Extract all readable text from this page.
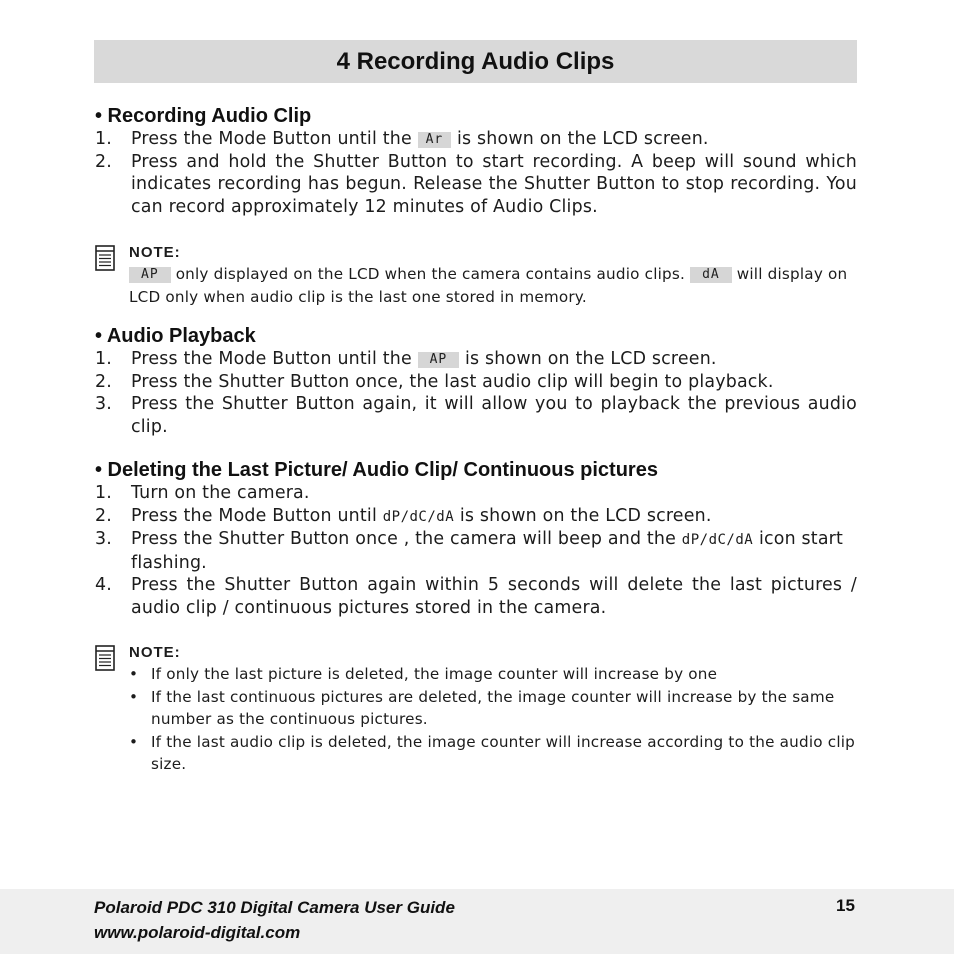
4 Recording Audio Clips
• Recording Audio Clip
1.	Press the Mode Button until the Ar is shown on the LCD screen.
2.	Press and hold the Shutter Button to start recording. A beep will sound which indicates recording has begun. Release the Shutter Button to stop recording. You can record approximately 12 minutes of Audio Clips.
NOTE:
AP only displayed on the LCD when the camera contains audio clips. dA will display on LCD only when audio clip is the last one stored in memory.
• Audio Playback
1.	Press the Mode Button until the AP is shown on the LCD screen.
2.	Press the Shutter Button once, the last audio clip will begin to playback.
3.	Press the Shutter Button again, it will allow you to playback the previous audio clip.
• Deleting the Last Picture/ Audio Clip/ Continuous pictures
1.	Turn on the camera.
2.	Press the Mode Button until dP/dC/dA is shown on the LCD screen.
3.	Press the Shutter Button once , the camera will beep and the dP/dC/dA icon start flashing.
4.	Press the Shutter Button again within 5 seconds will delete the last pictures / audio clip / continuous pictures stored in the camera.
NOTE:
• If only the last picture is deleted, the image counter will increase by one
• If the last continuous pictures are deleted, the image counter will increase by the same number as the continuous pictures.
• If the last audio clip is deleted, the image counter will increase according to the audio clip size.
Polaroid PDC 310 Digital Camera User Guide
www.polaroid-digital.com
15
